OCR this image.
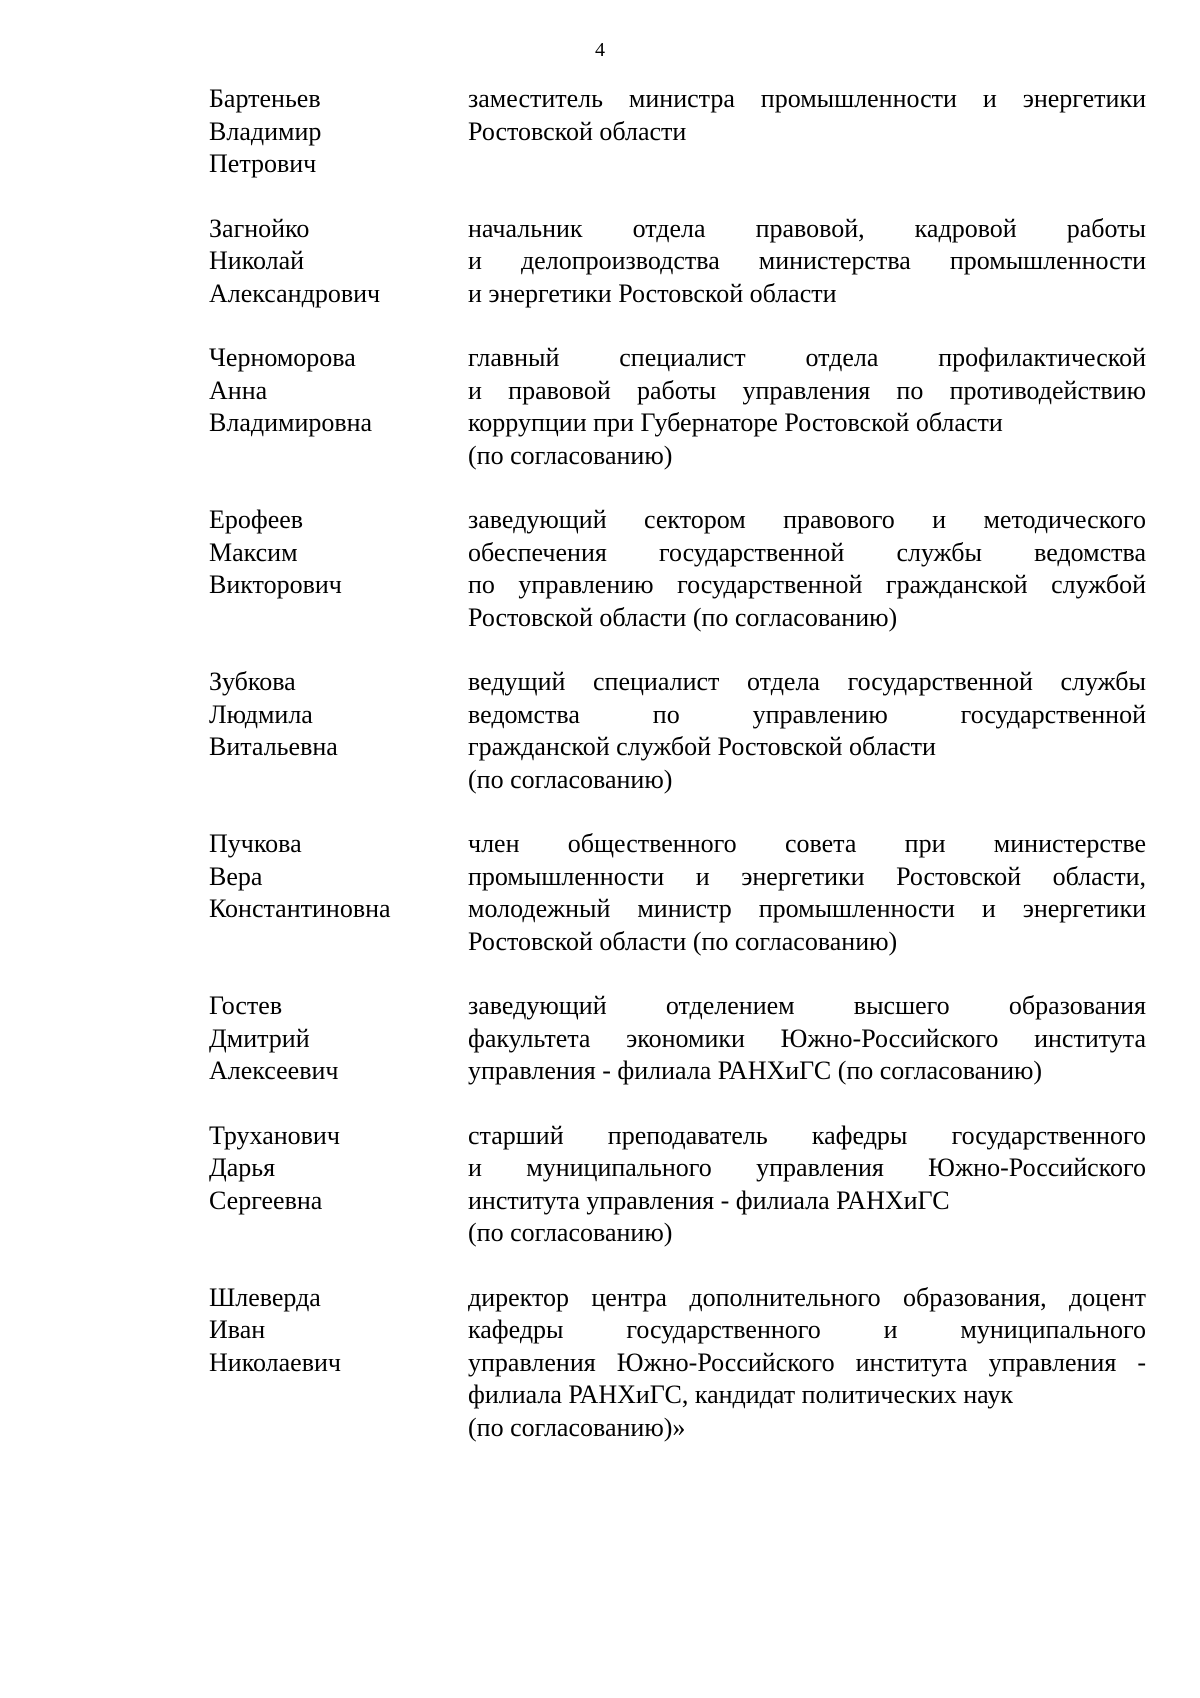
4
Бартеньев
Владимир
Петрович
заместитель министра промышленности и энергетики
Ростовской области
Загнойко
Николай
Александрович
начальник отдела правовой, кадровой работы
и делопроизводства министерства промышленности
и энергетики Ростовской области
Черноморова
Анна
Владимировна
главный специалист отдела профилактической
и правовой работы управления по противодействию
коррупции при Губернаторе Ростовской области
(по согласованию)
Ерофеев
Максим
Викторович
заведующий сектором правового и методического
обеспечения государственной службы ведомства
по управлению государственной гражданской службой
Ростовской области (по согласованию)
Зубкова
Людмила
Витальевна
ведущий специалист отдела государственной службы
ведомства по управлению государственной
гражданской службой Ростовской области
(по согласованию)
Пучкова
Вера
Константиновна
член общественного совета при министерстве
промышленности и энергетики Ростовской области,
молодежный министр промышленности и энергетики
Ростовской области (по согласованию)
Гостев
Дмитрий
Алексеевич
заведующий отделением высшего образования
факультета экономики Южно-Российского института
управления - филиала РАНХиГС (по согласованию)
Труханович
Дарья
Сергеевна
старший преподаватель кафедры государственного
и муниципального управления Южно-Российского
института управления - филиала РАНХиГС
(по согласованию)
Шлеверда
Иван
Николаевич
директор центра дополнительного образования, доцент
кафедры государственного и муниципального
управления Южно-Российского института управления -
филиала РАНХиГС, кандидат политических наук
(по согласованию)»
